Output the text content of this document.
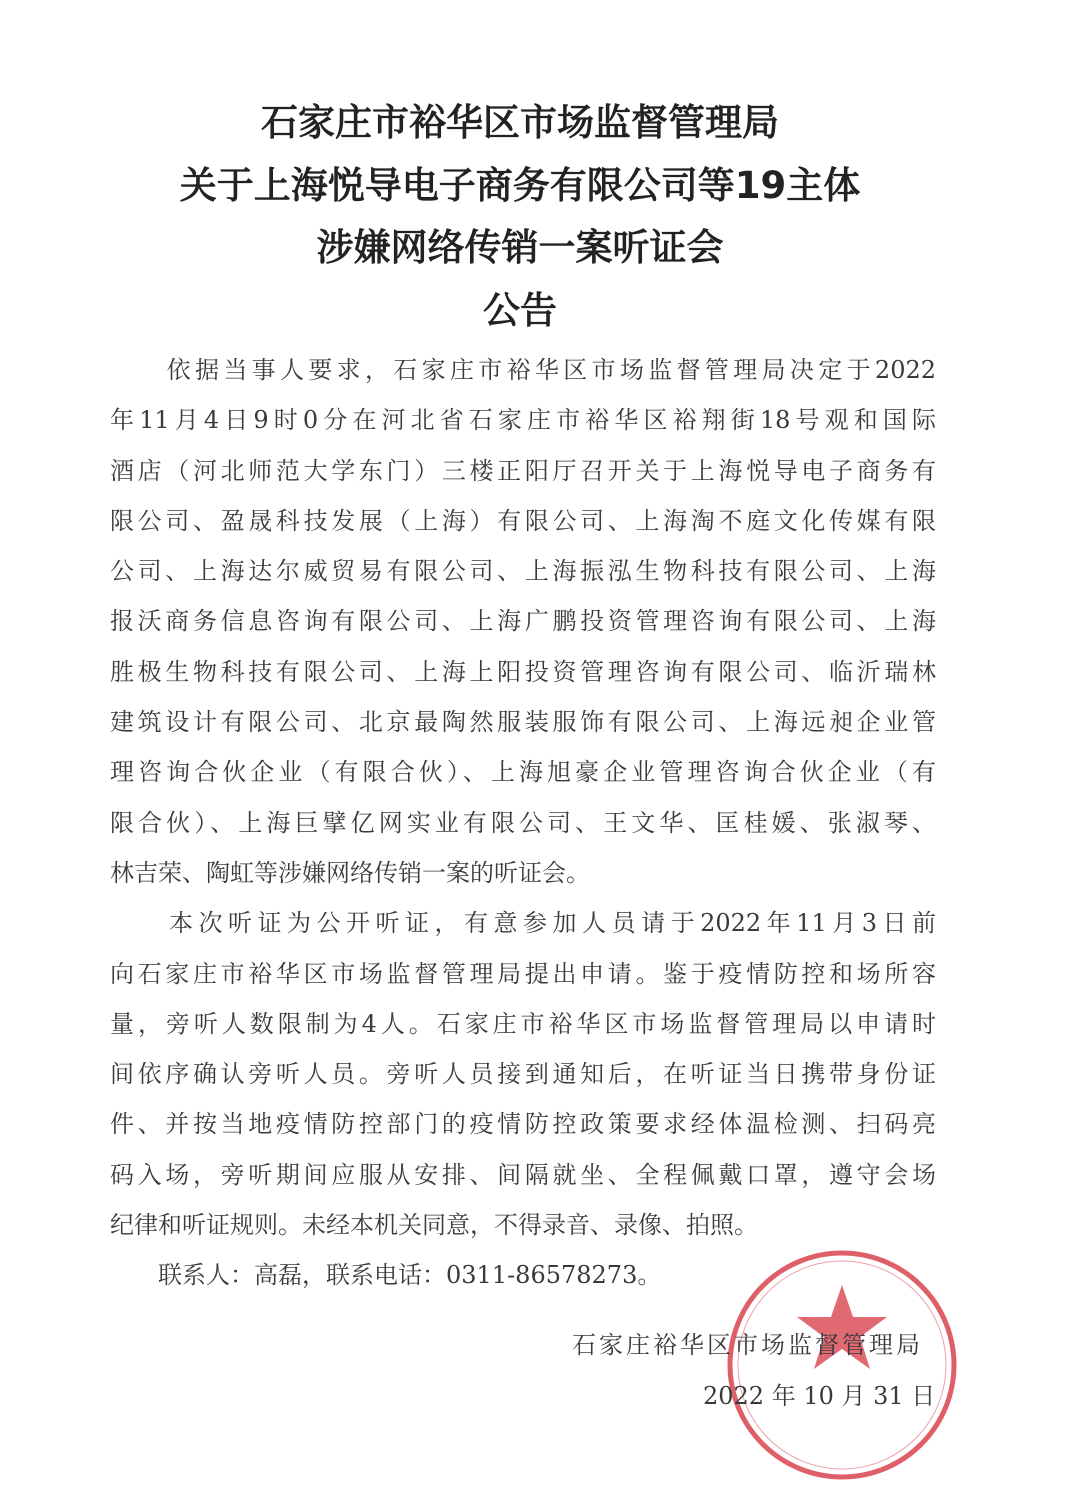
石家庄市裕华区市场监督管理局
关于上海悦导电子商务有限公司等19主体
涉嫌网络传销一案听证会
公告
　　依据当事人要求，石家庄市裕华区市场监督管理局决定于2022
年11月4日9时0分在河北省石家庄市裕华区裕翔街18号观和国际
酒店（河北师范大学东门）三楼正阳厅召开关于上海悦导电子商务有
限公司、盈晟科技发展（上海）有限公司、上海淘不庭文化传媒有限
公司、上海达尔威贸易有限公司、上海振泓生物科技有限公司、上海
报沃商务信息咨询有限公司、上海广鹏投资管理咨询有限公司、上海
胜极生物科技有限公司、上海上阳投资管理咨询有限公司、临沂瑞林
建筑设计有限公司、北京最陶然服装服饰有限公司、上海远昶企业管
理咨询合伙企业（有限合伙）、上海旭豪企业管理咨询合伙企业（有
限合伙）、上海巨擘亿网实业有限公司、王文华、匡桂媛、张淑琴、
林吉荣、陶虹等涉嫌网络传销一案的听证会。
　　本次听证为公开听证，有意参加人员请于2022年11月3日前
向石家庄市裕华区市场监督管理局提出申请。鉴于疫情防控和场所容
量，旁听人数限制为4人。石家庄市裕华区市场监督管理局以申请时
间依序确认旁听人员。旁听人员接到通知后，在听证当日携带身份证
件、并按当地疫情防控部门的疫情防控政策要求经体温检测、扫码亮
码入场，旁听期间应服从安排、间隔就坐、全程佩戴口罩，遵守会场
纪律和听证规则。未经本机关同意，不得录音、录像、拍照。
　　联系人：高磊，联系电话：0311-86578273。
石家庄裕华区市场监督管理局
2022 年 10 月 31 日
